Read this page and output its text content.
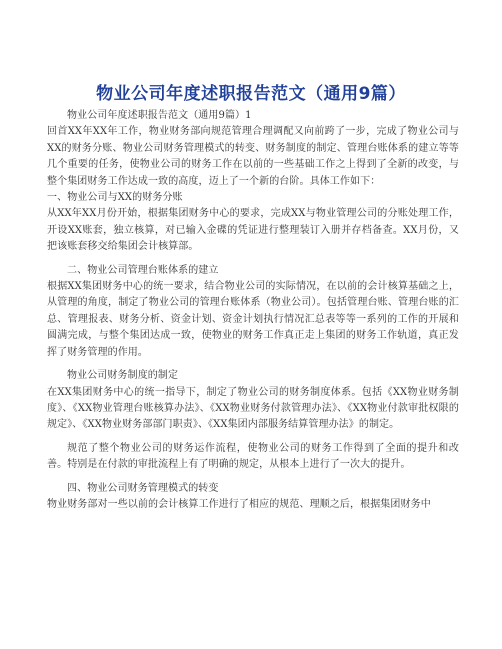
物业公司年度述职报告范文（通用9篇）

物业公司年度述职报告范文（通用9篇）1

回首XX年XX年工作，物业财务部向规范管理合理调配又向前跨了一步，完成了物业公司与XX的财务分账、物业公司财务管理模式的转变、财务制度的制定、管理台账体系的建立等等几个重要的任务，使物业公司的财务工作在以前的一些基础工作之上得到了全新的改变，与整个集团财务工作达成一致的高度，迈上了一个新的台阶。具体工作如下：

一、物业公司与XX的财务分账

从XX年XX月份开始，根据集团财务中心的要求，完成XX与物业管理公司的分账处理工作，开设XX账套，独立核算，对已输入金碟的凭证进行整理装订入册并存档备查。XX月份，又把该账套移交给集团会计核算部。

二、物业公司管理台账体系的建立

根据XX集团财务中心的统一要求，结合物业公司的实际情况，在以前的会计核算基础之上，从管理的角度，制定了物业公司的管理台账体系（物业公司）。包括管理台账、管理台账的汇总、管理报表、财务分析、资金计划、资金计划执行情况汇总表等等一系列的工作的开展和圆满完成，与整个集团达成一致，使物业的财务工作真正走上集团的财务工作轨道，真正发挥了财务管理的作用。

物业公司财务制度的制定

在XX集团财务中心的统一指导下，制定了物业公司的财务制度体系。包括《XX物业财务制度》、《XX物业管理台账核算办法》、《XX物业财务付款管理办法》、《XX物业付款审批权限的规定》、《XX物业财务部部门职责》、《XX集团内部服务结算管理办法》的制定。

规范了整个物业公司的财务运作流程，使物业公司的财务工作得到了全面的提升和改善。特别是在付款的审批流程上有了明确的规定，从根本上进行了一次大的提升。

四、物业公司财务管理模式的转变

物业财务部对一些以前的会计核算工作进行了相应的规范、理顺之后，根据集团财务中
